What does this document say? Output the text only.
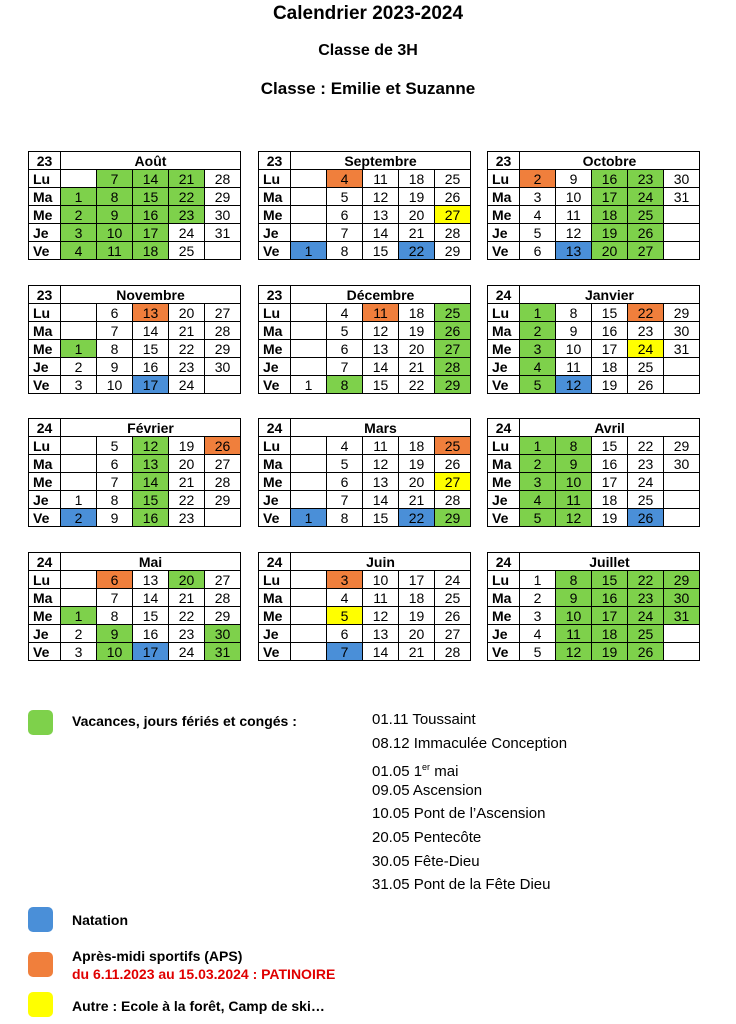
Calendrier 2023-2024
Classe de 3H
Classe : Emilie et Suzanne
23	Août				
Lu		7	14	21	28
Ma	1	8	15	22	29
Me	2	9	16	23	30
Je	3	10	17	24	31
Ve	4	11	18	25	
23	Septembre				
Lu		4	11	18	25
Ma		5	12	19	26
Me		6	13	20	27
Je		7	14	21	28
Ve	1	8	15	22	29
23	Octobre				
Lu	2	9	16	23	30
Ma	3	10	17	24	31
Me	4	11	18	25	
Je	5	12	19	26	
Ve	6	13	20	27	
23	Novembre				
Lu		6	13	20	27
Ma		7	14	21	28
Me	1	8	15	22	29
Je	2	9	16	23	30
Ve	3	10	17	24	
23	Décembre				
Lu		4	11	18	25
Ma		5	12	19	26
Me		6	13	20	27
Je		7	14	21	28
Ve	1	8	15	22	29
24	Janvier				
Lu	1	8	15	22	29
Ma	2	9	16	23	30
Me	3	10	17	24	31
Je	4	11	18	25	
Ve	5	12	19	26	
24	Février				
Lu		5	12	19	26
Ma		6	13	20	27
Me		7	14	21	28
Je	1	8	15	22	29
Ve	2	9	16	23	
24	Mars				
Lu		4	11	18	25
Ma		5	12	19	26
Me		6	13	20	27
Je		7	14	21	28
Ve	1	8	15	22	29
24	Avril				
Lu	1	8	15	22	29
Ma	2	9	16	23	30
Me	3	10	17	24	
Je	4	11	18	25	
Ve	5	12	19	26	
24	Mai				
Lu		6	13	20	27
Ma		7	14	21	28
Me	1	8	15	22	29
Je	2	9	16	23	30
Ve	3	10	17	24	31
24	Juin				
Lu		3	10	17	24
Ma		4	11	18	25
Me		5	12	19	26
Je		6	13	20	27
Ve		7	14	21	28
24	Juillet				
Lu	1	8	15	22	29
Ma	2	9	16	23	30
Me	3	10	17	24	31
Je	4	11	18	25	
Ve	5	12	19	26	
Vacances, jours fériés et congés :	01.11 Toussaint
08.12 Immaculée Conception
01.05 1er mai
09.05 Ascension
10.05 Pont de l’Ascension
20.05 Pentecôte
30.05 Fête-Dieu
31.05 Pont de la Fête Dieu
Natation
Après-midi sportifs (APS)
du 6.11.2023 au 15.03.2024 : PATINOIRE
Autre : Ecole à la forêt, Camp de ski…
